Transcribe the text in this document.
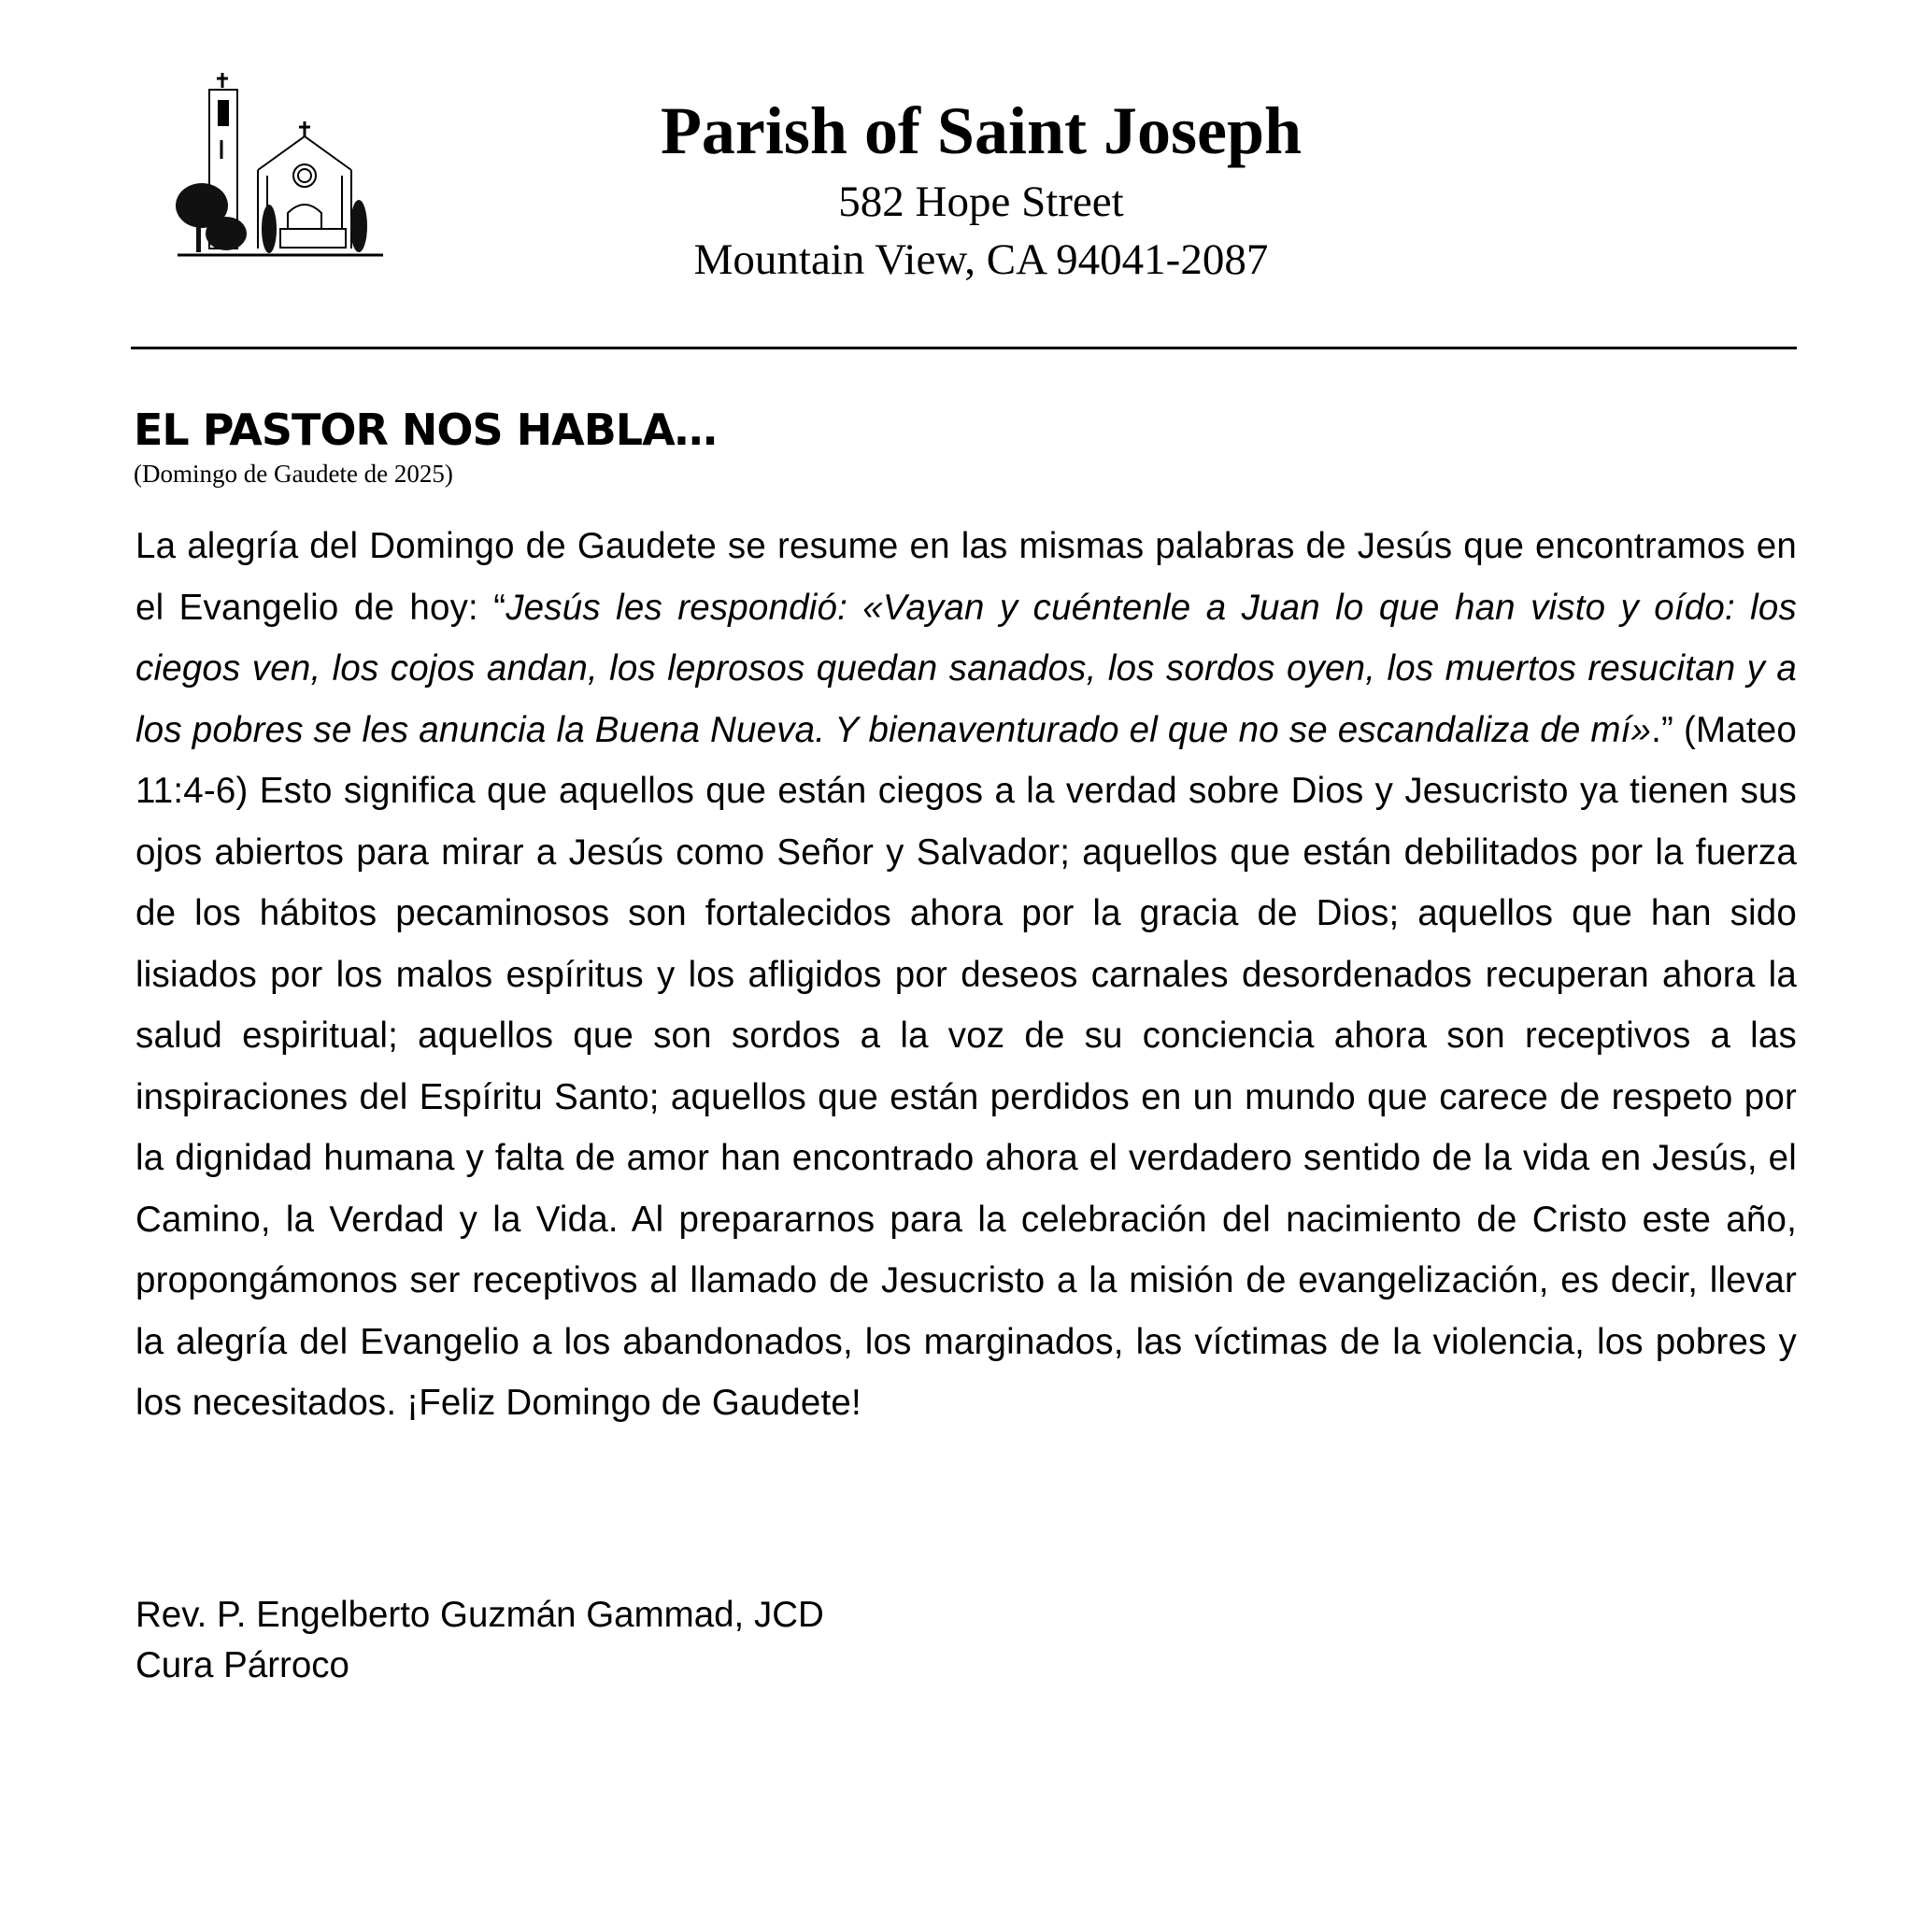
Parish of Saint Joseph
582 Hope Street
Mountain View, CA 94041-2087
EL PASTOR NOS HABLA…
(Domingo de Gaudete de 2025)
La alegría del Domingo de Gaudete se resume en las mismas palabras de Jesús que encontramos en el Evangelio de hoy: “Jesús les respondió: «Vayan y cuéntenle a Juan lo que han visto y oído: los ciegos ven, los cojos andan, los leprosos quedan sanados, los sordos oyen, los muertos resucitan y a los pobres se les anuncia la Buena Nueva. Y bienaventurado el que no se escandaliza de mí».” (Mateo 11:4-6) Esto significa que aquellos que están ciegos a la verdad sobre Dios y Jesucristo ya tienen sus ojos abiertos para mirar a Jesús como Señor y Salvador; aquellos que están debilitados por la fuerza de los hábitos pecaminosos son fortalecidos ahora por la gracia de Dios; aquellos que han sido lisiados por los malos espíritus y los afligidos por deseos carnales desordenados recuperan ahora la salud espiritual; aquellos que son sordos a la voz de su conciencia ahora son receptivos a las inspiraciones del Espíritu Santo; aquellos que están perdidos en un mundo que carece de respeto por la dignidad humana y falta de amor han encontrado ahora el verdadero sentido de la vida en Jesús, el Camino, la Verdad y la Vida. Al prepararnos para la celebración del nacimiento de Cristo este año, propongámonos ser receptivos al llamado de Jesucristo a la misión de evangelización, es decir, llevar la alegría del Evangelio a los abandonados, los marginados, las víctimas de la violencia, los pobres y los necesitados. ¡Feliz Domingo de Gaudete!
Rev. P. Engelberto Guzmán Gammad, JCD
Cura Párroco
